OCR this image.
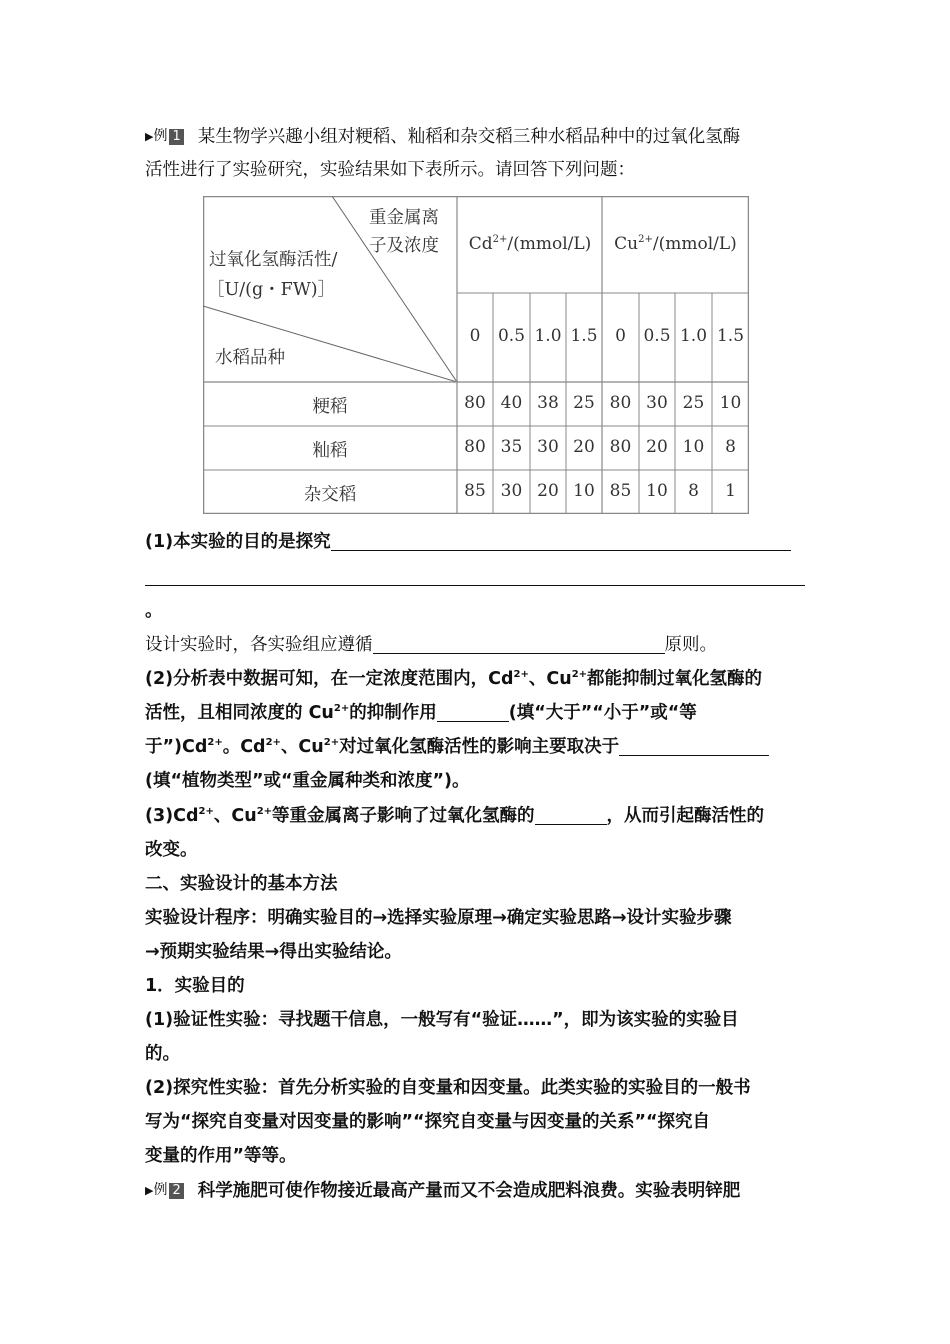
▶例 1 某生物学兴趣小组对粳稻、籼稻和杂交稻三种水稻品种中的过氧化氢酶
活性进行了实验研究，实验结果如下表所示。请回答下列问题：
重金属离
子及浓度
过氧化氢酶活性/
［U/(g・FW)］
水稻品种
$Cd^{2+}/(mmol/L)$	$Cu^{2+}/(mmol/L)$
0	0.5 1.0 1.5	0	0.5 1.0 1.5
粳稻	80 40 38 25 80 30 25 10
籼稻	80 35 30 20 80 20 10	8
杂交稻	85 30 20 10 85 10	8	1
(1)本实验的目的是探究
。
设计实验时，各实验组应遵循	原则。
(2)分析表中数据可知，在一定浓度范围内，$Cd^{2+}$、$Cu^{2+}$都能抑制过氧化氢酶的
活性，且相同浓度的 $Cu^{2+}$的抑制作用	(填“大于”“小于”或“等
于$”)Cd^{2+}$。$Cd^{2+}$、$Cu^{2+}$对过氧化氢酶活性的影响主要取决于
(填“植物类型”或“重金属种类和浓度”)。
$(3)Cd^{2+}$、$Cu^{2+}$等重金属离子影响了过氧化氢酶的	，从而引起酶活性的
改变。
二、实验设计的基本方法
实验设计程序：明确实验目的→选择实验原理→确定实验思路→设计实验步骤
→预期实验结果→得出实验结论。
1．实验目的
(1)验证性实验：寻找题干信息，一般写有“验证……”，即为该实验的实验目
的。
(2)探究性实验：首先分析实验的自变量和因变量。此类实验的实验目的一般书
写为“探究自变量对因变量的影响”“探究自变量与因变量的关系”“探究自
变量的作用”等等。
▶例 2 科学施肥可使作物接近最高产量而又不会造成肥料浪费。实验表明锌肥
